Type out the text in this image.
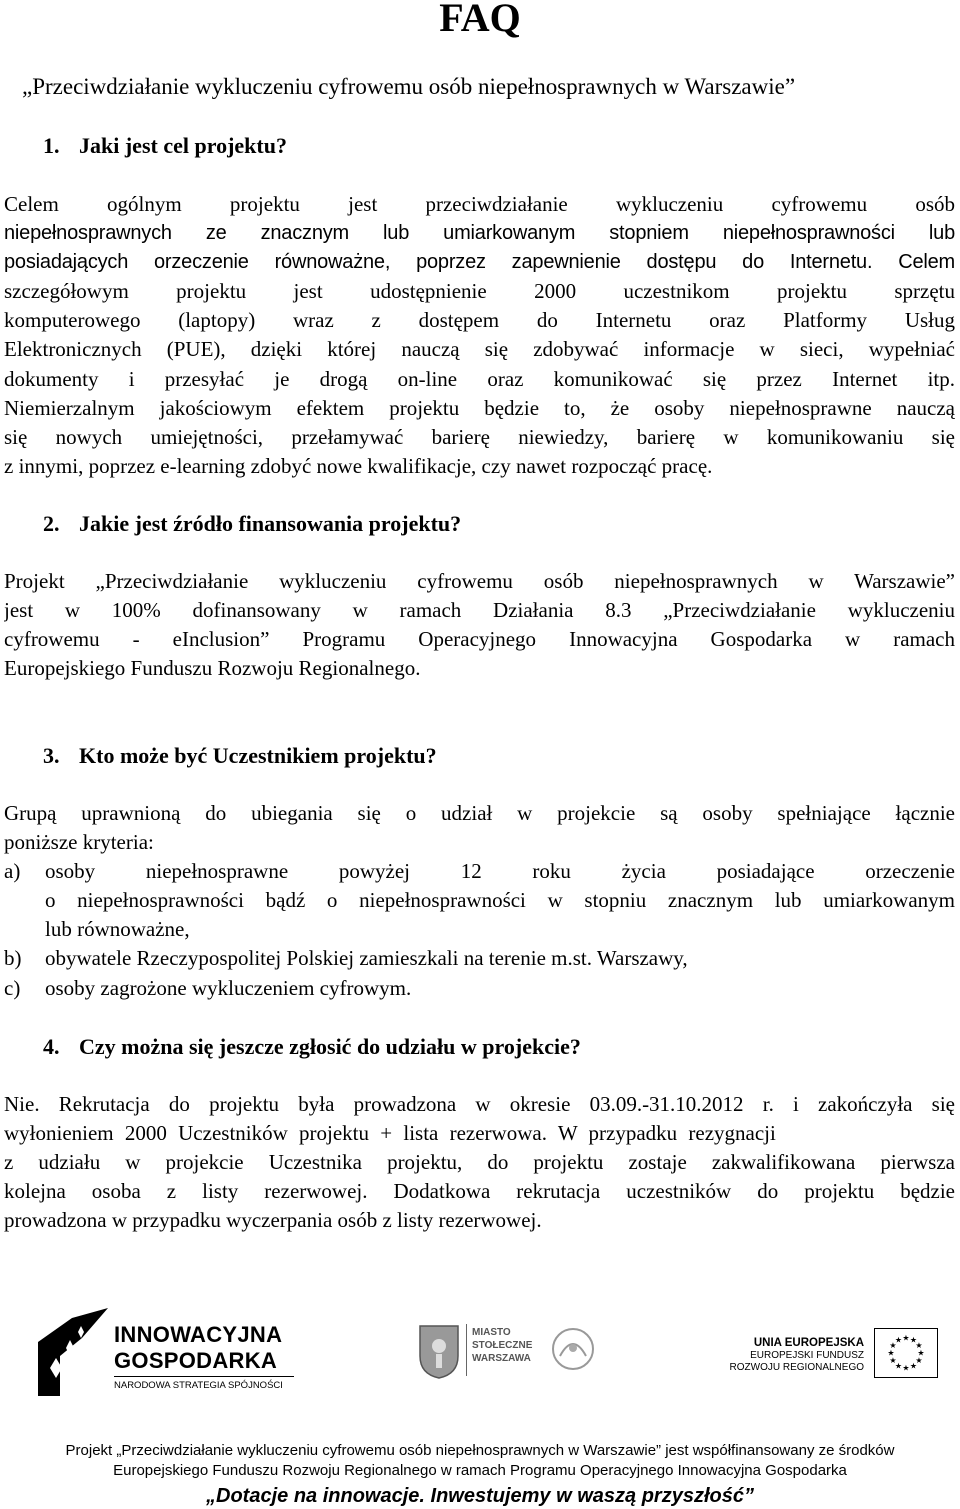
FAQ
„Przeciwdziałanie wykluczeniu cyfrowemu osób niepełnosprawnych w Warszawie”
1. Jaki jest cel projektu?
Celem ogólnym projektu jest przeciwdziałanie wykluczeniu cyfrowemu osób
niepełnosprawnych ze znacznym lub umiarkowanym stopniem niepełnosprawności lub
posiadających orzeczenie równoważne, poprzez zapewnienie dostępu do Internetu. Celem
szczegółowym projektu jest udostępnienie 2000 uczestnikom projektu sprzętu
komputerowego (laptopy) wraz z dostępem do Internetu oraz Platformy Usług
Elektronicznych (PUE), dzięki której nauczą się zdobywać informacje w sieci, wypełniać
dokumenty i przesyłać je drogą on-line oraz komunikować się przez Internet itp.
Niemierzalnym jakościowym efektem projektu będzie to, że osoby niepełnosprawne nauczą
się nowych umiejętności, przełamywać barierę niewiedzy, barierę w komunikowaniu się
z innymi, poprzez e-learning zdobyć nowe kwalifikacje, czy nawet rozpocząć pracę.
2. Jakie jest źródło finansowania projektu?
Projekt „Przeciwdziałanie wykluczeniu cyfrowemu osób niepełnosprawnych w Warszawie”
jest w 100% dofinansowany w ramach Działania 8.3 „Przeciwdziałanie wykluczeniu
cyfrowemu - eInclusion” Programu Operacyjnego Innowacyjna Gospodarka w ramach
Europejskiego Funduszu Rozwoju Regionalnego.
3. Kto może być Uczestnikiem projektu?
Grupą uprawnioną do ubiegania się o udział w projekcie są osoby spełniające łącznie
poniższe kryteria:
a) osoby niepełnosprawne powyżej 12 roku życia posiadające orzeczenie
o niepełnosprawności bądź o niepełnosprawności w stopniu znacznym lub umiarkowanym
lub równoważne,
b) obywatele Rzeczypospolitej Polskiej zamieszkali na terenie m.st. Warszawy,
c) osoby zagrożone wykluczeniem cyfrowym.
4. Czy można się jeszcze zgłosić do udziału w projekcie?
Nie. Rekrutacja do projektu była prowadzona w okresie 03.09.-31.10.2012 r. i zakończyła się
wyłonieniem 2000 Uczestników projektu + lista rezerwowa. W przypadku rezygnacji
z udziału w projekcie Uczestnika projektu, do projektu zostaje zakwalifikowana pierwsza
kolejna osoba z listy rezerwowej. Dodatkowa rekrutacja uczestników do projektu będzie
prowadzona w przypadku wyczerpania osób z listy rezerwowej.
INNOWACYJNA
GOSPODARKA
NARODOWA STRATEGIA SPÓJNOŚCI
MIASTO
STOŁECZNE
WARSZAWA
UNIA EUROPEJSKA
EUROPEJSKI FUNDUSZ
ROZWOJU REGIONALNEGO
★ ★
★
★
★
★
★
★
★
★
★
★
Projekt „Przeciwdziałanie wykluczeniu cyfrowemu osób niepełnosprawnych w Warszawie” jest współfinansowany ze środków
Europejskiego Funduszu Rozwoju Regionalnego w ramach Programu Operacyjnego Innowacyjna Gospodarka
„Dotacje na innowacje. Inwestujemy w waszą przyszłość”
